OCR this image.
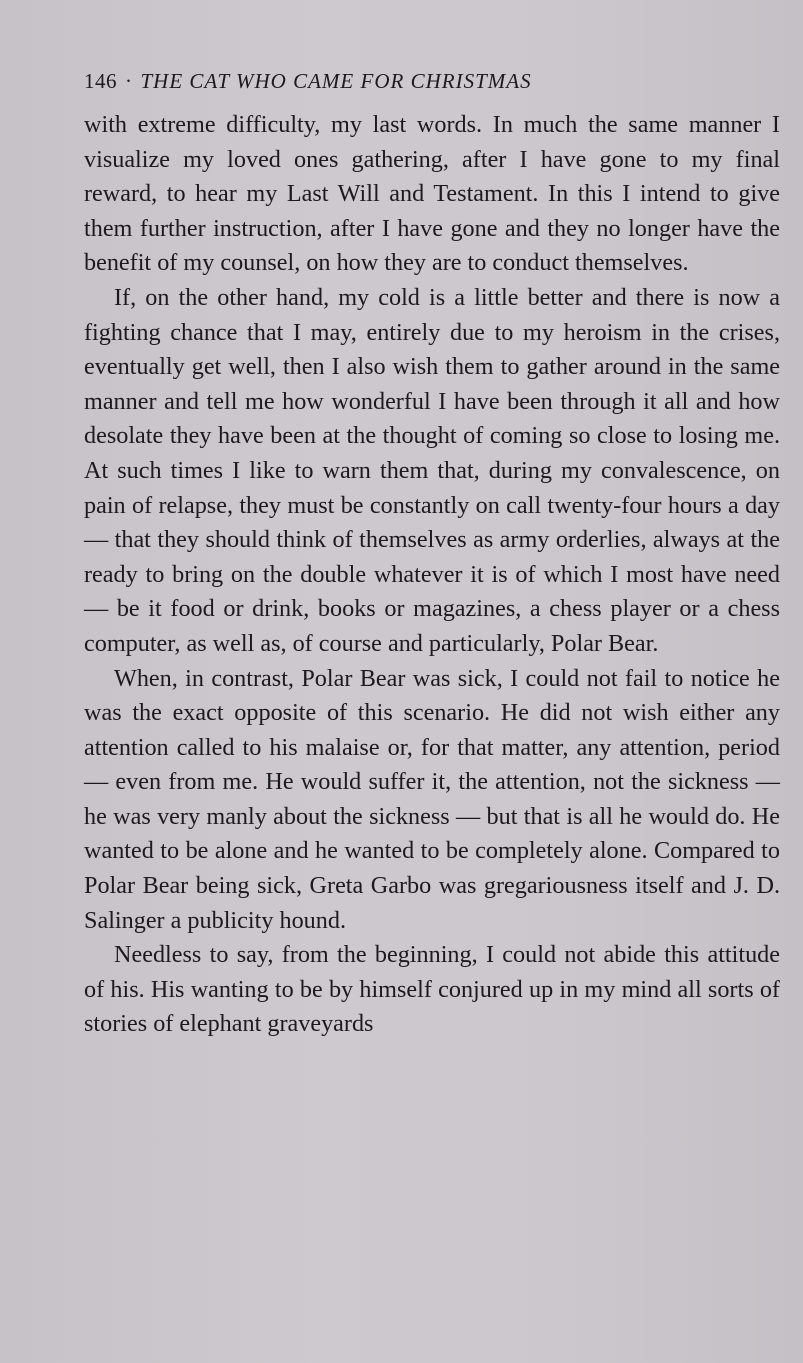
146 · THE CAT WHO CAME FOR CHRISTMAS

with extreme difficulty, my last words. In much the same manner I visualize my loved ones gathering, after I have gone to my final reward, to hear my Last Will and Testament. In this I intend to give them further instruction, after I have gone and they no longer have the benefit of my counsel, on how they are to conduct themselves.

If, on the other hand, my cold is a little better and there is now a fighting chance that I may, entirely due to my heroism in the crises, eventually get well, then I also wish them to gather around in the same manner and tell me how wonderful I have been through it all and how desolate they have been at the thought of coming so close to losing me. At such times I like to warn them that, during my convalescence, on pain of relapse, they must be constantly on call twenty-four hours a day — that they should think of themselves as army orderlies, always at the ready to bring on the double whatever it is of which I most have need — be it food or drink, books or magazines, a chess player or a chess computer, as well as, of course and particularly, Polar Bear.

When, in contrast, Polar Bear was sick, I could not fail to notice he was the exact opposite of this scenario. He did not wish either any attention called to his malaise or, for that matter, any attention, period — even from me. He would suffer it, the attention, not the sickness — he was very manly about the sickness — but that is all he would do. He wanted to be alone and he wanted to be completely alone. Compared to Polar Bear being sick, Greta Garbo was gregariousness itself and J. D. Salinger a publicity hound.

Needless to say, from the beginning, I could not abide this attitude of his. His wanting to be by himself conjured up in my mind all sorts of stories of elephant graveyards
